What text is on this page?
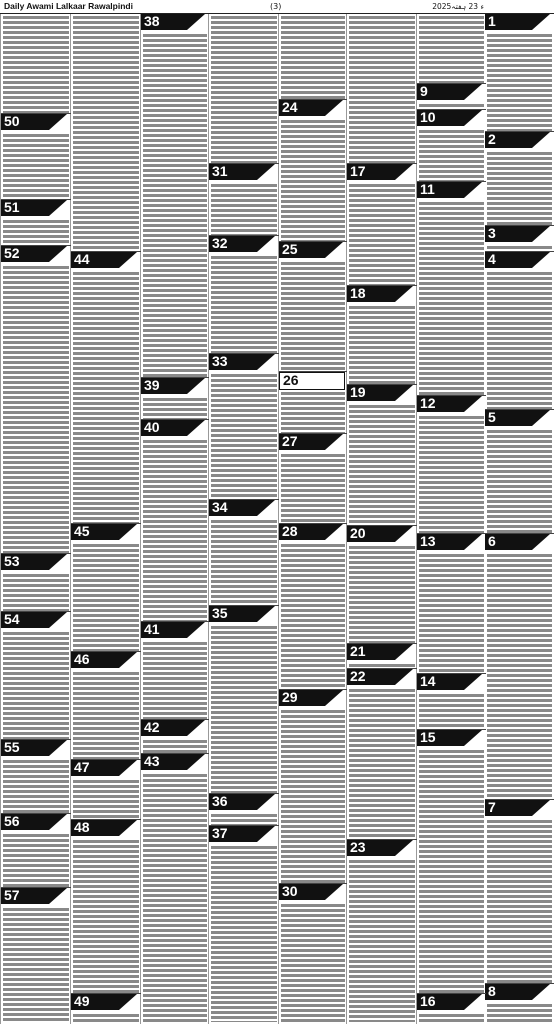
Daily Awami Lalkaar Rawalpindi	(3)	2025ء 23 ہفتہ
1
2
3
4
5
6
7
8
9
10
11
12
13
14
15
16
17
18
19
20
21
22
23
24
25
26
27
28
29
30
31
32
33
34
35
36
37
38
39
40
41
42
43
44
45
46
47
48
49
50
51
52
53
54
55
56
57
